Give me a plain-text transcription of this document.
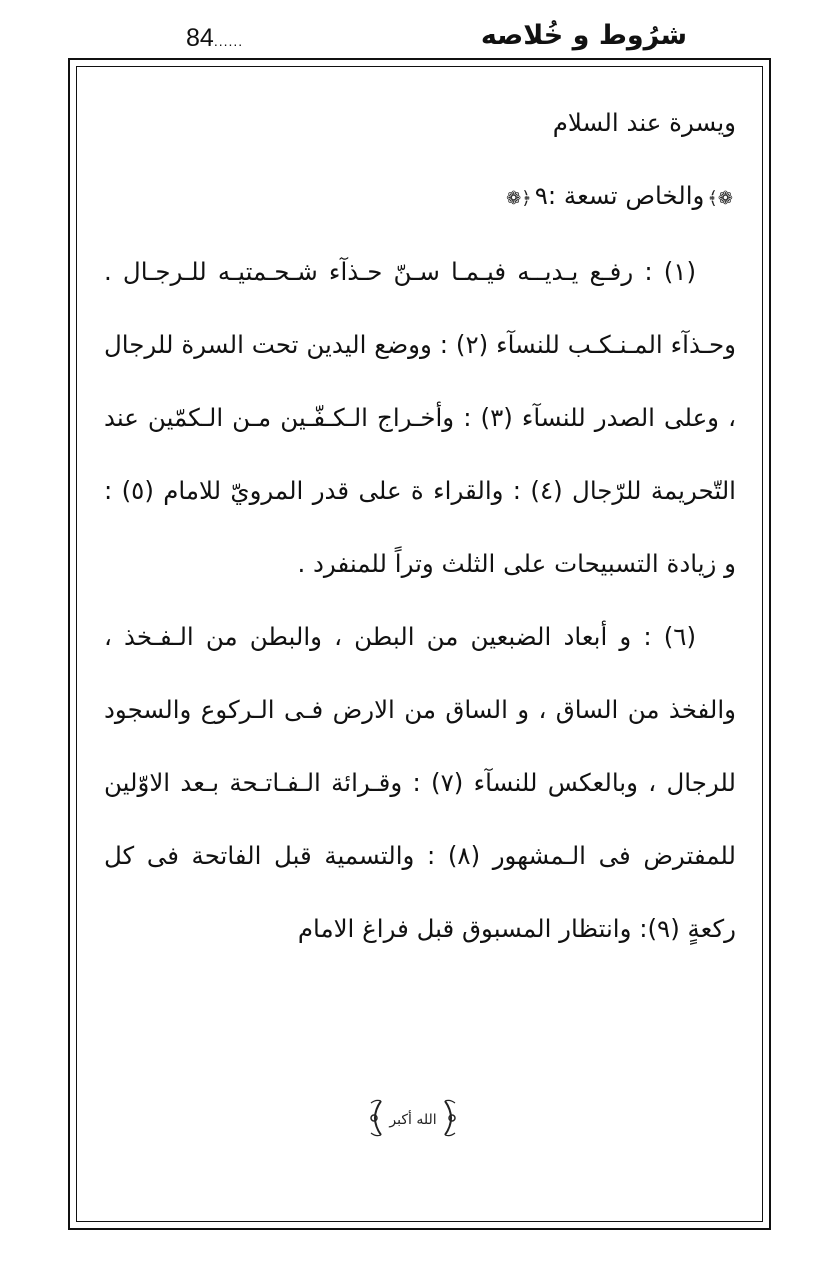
84......	شرُوط و خُلاصه

ويسرة عند السلام

❁﴾والخاص تسعة :٩﴿❁

(١) : رفـع يـديــه فيـمـا سـنّ حـذآء شـحـمتيـه للـرجـال . وحـذآء المـنـكـب للنسآء (٢) : ووضع اليدين تحت السرة للرجال ، وعلى الصدر للنسآء (٣) : وأخـراج الـكـفّـين مـن الـكمّين عند التّحريمة للرّجال (٤) : والقراء ة على قدر المرويّ للامام (٥) : و زيادة التسبيحات على الثلث وتراً للمنفرد .

(٦) : و أبعاد الضبعين من البطن ، والبطن من الـفـخذ ، والفخذ من الساق ، و الساق من الارض فـى الـركوع والسجود للرجال ، وبالعكس للنسآء (٧) : وقـرائة الـفـاتـحة بـعد الاوّلين للمفترض فى الـمشهور (٨) : والتسمية قبل الفاتحة فى كل ركعةٍ (٩): وانتظار المسبوق قبل فراغ الامام

الله أكبر
